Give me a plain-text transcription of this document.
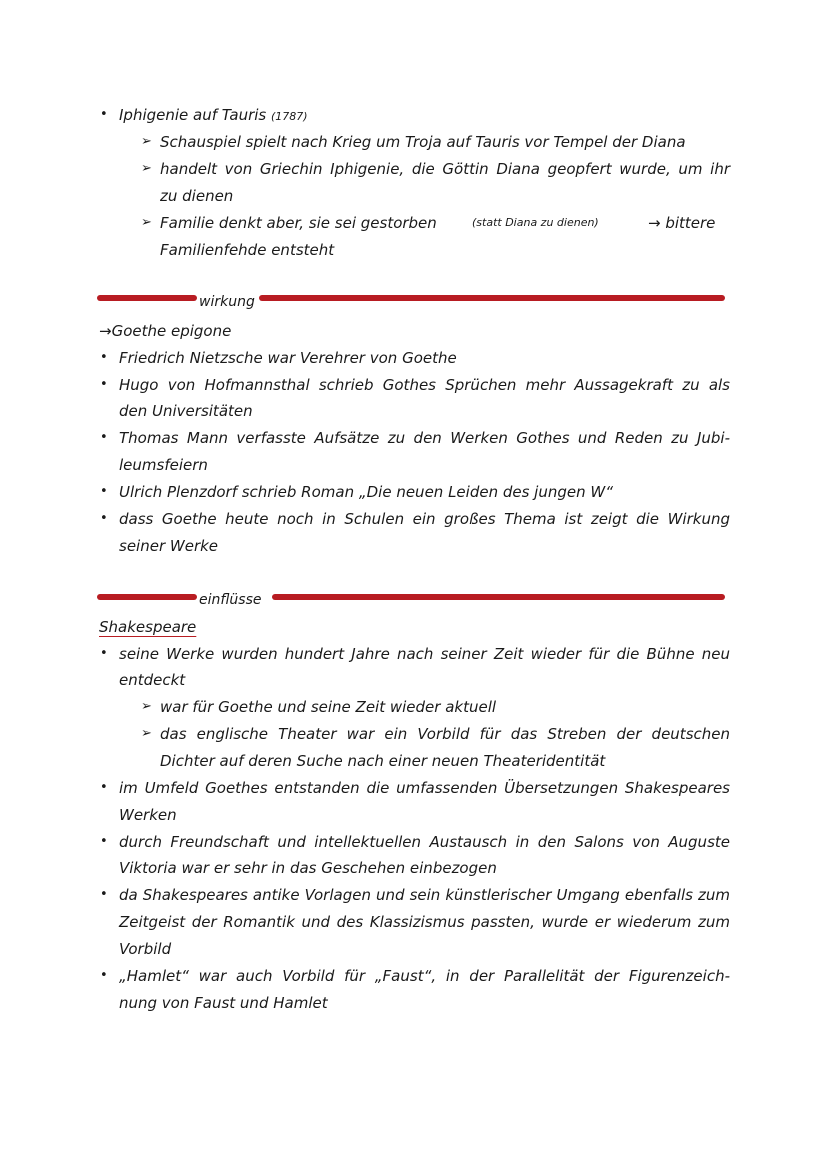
• Iphigenie auf Tauris (1787)
➢ Schauspiel spielt nach Krieg um Troja auf Tauris vor Tempel der Diana
➢ handelt von Griechin Iphigenie, die Göttin Diana geopfert wurde, um ihr
zu dienen
➢ Familie denkt aber, sie sei gestorben	(statt Diana zu dienen)	→ bittere
Familienfehde entsteht
wirkung
→Goethe epigone
• Friedrich Nietzsche war Verehrer von Goethe
• Hugo von Hofmannsthal schrieb Gothes Sprüchen mehr Aussagekraft zu als
den Universitäten
• Thomas Mann verfasste Aufsätze zu den Werken Gothes und Reden zu Jubi-
leumsfeiern
• Ulrich Plenzdorf schrieb Roman „Die neuen Leiden des jungen W“
• dass Goethe heute noch in Schulen ein großes Thema ist zeigt die Wirkung
seiner Werke
einflüsse
Shakespeare
• seine Werke wurden hundert Jahre nach seiner Zeit wieder für die Bühne neu
entdeckt
➢ war für Goethe und seine Zeit wieder aktuell
➢ das englische Theater war ein Vorbild für das Streben der deutschen
Dichter auf deren Suche nach einer neuen Theateridentität
• im Umfeld Goethes entstanden die umfassenden Übersetzungen Shakespeares
Werken
• durch Freundschaft und intellektuellen Austausch in den Salons von Auguste
Viktoria war er sehr in das Geschehen einbezogen
• da Shakespeares antike Vorlagen und sein künstlerischer Umgang ebenfalls zum
Zeitgeist der Romantik und des Klassizismus passten, wurde er wiederum zum
Vorbild
• „Hamlet“ war auch Vorbild für „Faust“, in der Parallelität der Figurenzeich-
nung von Faust und Hamlet
